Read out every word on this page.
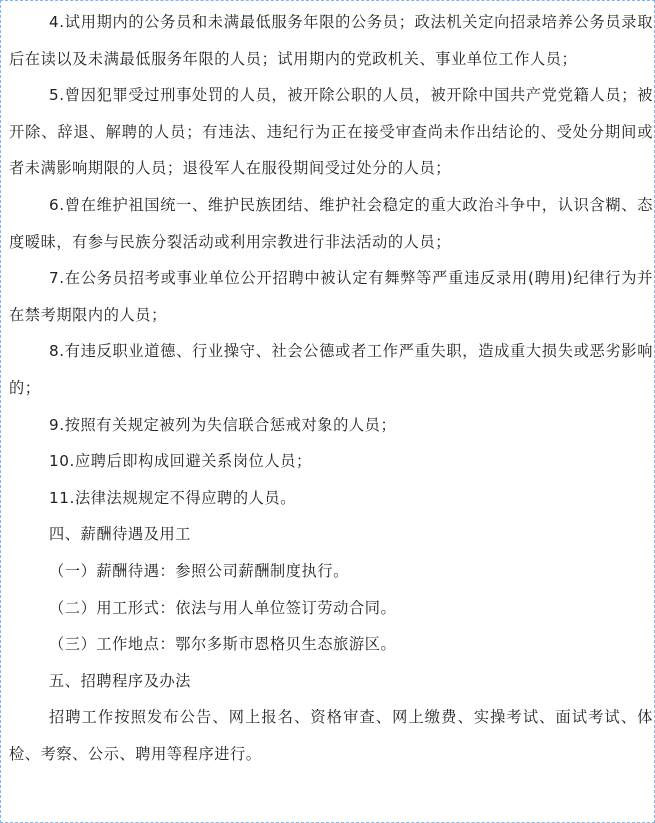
4.试用期内的公务员和未满最低服务年限的公务员；政法机关定向招录培养公务员录取后在读以及未满最低服务年限的人员；试用期内的党政机关、事业单位工作人员；

5.曾因犯罪受过刑事处罚的人员，被开除公职的人员，被开除中国共产党党籍人员；被开除、辞退、解聘的人员；有违法、违纪行为正在接受审查尚未作出结论的、受处分期间或者未满影响期限的人员；退役军人在服役期间受过处分的人员；

6.曾在维护祖国统一、维护民族团结、维护社会稳定的重大政治斗争中，认识含糊、态度暧昧，有参与民族分裂活动或利用宗教进行非法活动的人员；

7.在公务员招考或事业单位公开招聘中被认定有舞弊等严重违反录用(聘用)纪律行为并在禁考期限内的人员；

8.有违反职业道德、行业操守、社会公德或者工作严重失职，造成重大损失或恶劣影响的；

9.按照有关规定被列为失信联合惩戒对象的人员；

10.应聘后即构成回避关系岗位人员；

11.法律法规规定不得应聘的人员。

四、薪酬待遇及用工

（一）薪酬待遇：参照公司薪酬制度执行。

（二）用工形式：依法与用人单位签订劳动合同。

（三）工作地点：鄂尔多斯市恩格贝生态旅游区。

五、招聘程序及办法

招聘工作按照发布公告、网上报名、资格审查、网上缴费、实操考试、面试考试、体检、考察、公示、聘用等程序进行。
